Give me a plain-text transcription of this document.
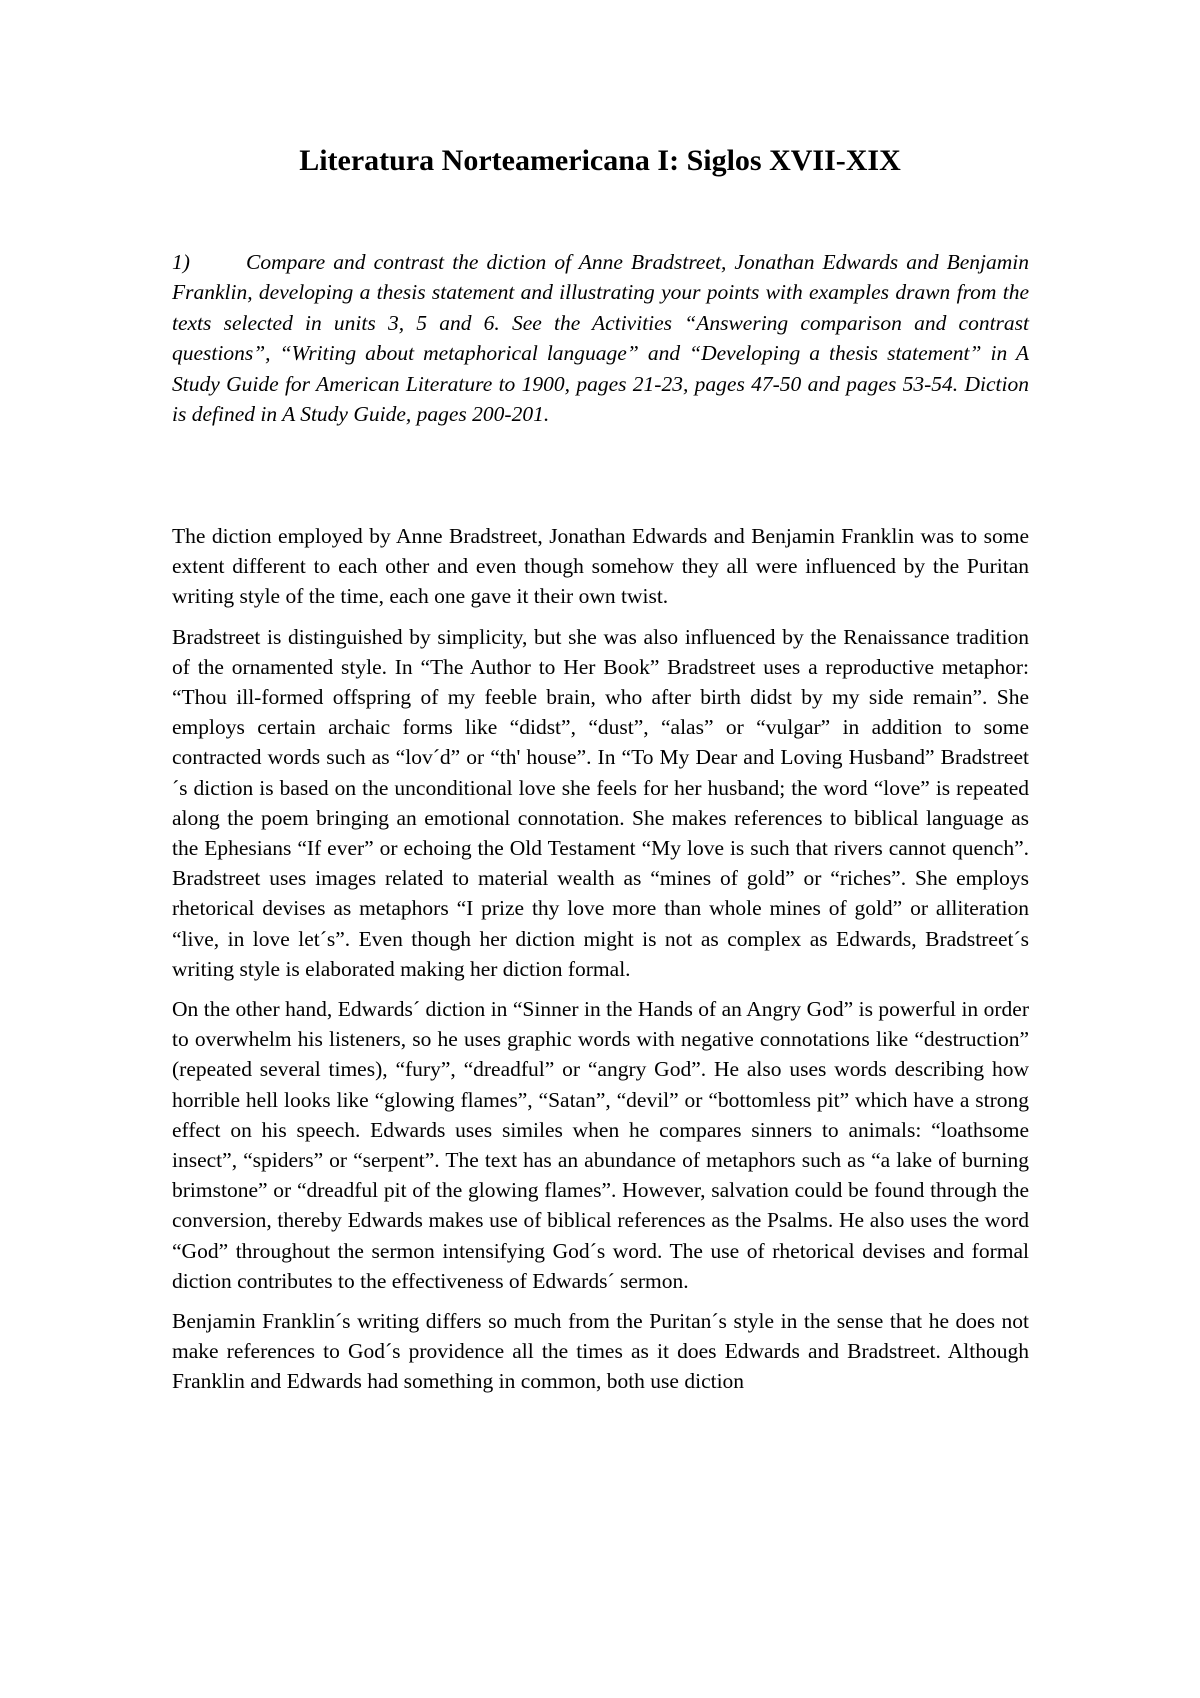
Literatura Norteamericana I: Siglos XVII-XIX

1)	Compare and contrast the diction of Anne Bradstreet, Jonathan Edwards and Benjamin Franklin, developing a thesis statement and illustrating your points with examples drawn from the texts selected in units 3, 5 and 6. See the Activities “Answering comparison and contrast questions”, “Writing about metaphorical language” and “Developing a thesis statement” in A Study Guide for American Literature to 1900, pages 21-23, pages 47-50 and pages 53-54. Diction is defined in A Study Guide, pages 200-201.

The diction employed by Anne Bradstreet, Jonathan Edwards and Benjamin Franklin was to some extent different to each other and even though somehow they all were influenced by the Puritan writing style of the time, each one gave it their own twist.

Bradstreet is distinguished by simplicity, but she was also influenced by the Renaissance tradition of the ornamented style. In “The Author to Her Book” Bradstreet uses a reproductive metaphor: “Thou ill-formed offspring of my feeble brain, who after birth didst by my side remain”. She employs certain archaic forms like “didst”, “dust”, “alas” or “vulgar” in addition to some contracted words such as “lov´d” or “th' house”. In “To My Dear and Loving Husband” Bradstreet´s diction is based on the unconditional love she feels for her husband; the word “love” is repeated along the poem bringing an emotional connotation. She makes references to biblical language as the Ephesians “If ever” or echoing the Old Testament “My love is such that rivers cannot quench”. Bradstreet uses images related to material wealth as “mines of gold” or “riches”. She employs rhetorical devises as metaphors “I prize thy love more than whole mines of gold” or alliteration “live, in love let´s”. Even though her diction might is not as complex as Edwards, Bradstreet´s writing style is elaborated making her diction formal.

On the other hand, Edwards´ diction in “Sinner in the Hands of an Angry God” is powerful in order to overwhelm his listeners, so he uses graphic words with negative connotations like “destruction” (repeated several times), “fury”, “dreadful” or “angry God”. He also uses words describing how horrible hell looks like “glowing flames”, “Satan”, “devil” or “bottomless pit” which have a strong effect on his speech. Edwards uses similes when he compares sinners to animals: “loathsome insect”, “spiders” or “serpent”. The text has an abundance of metaphors such as “a lake of burning brimstone” or “dreadful pit of the glowing flames”. However, salvation could be found through the conversion, thereby Edwards makes use of biblical references as the Psalms. He also uses the word “God” throughout the sermon intensifying God´s word. The use of rhetorical devises and formal diction contributes to the effectiveness of Edwards´ sermon.

Benjamin Franklin´s writing differs so much from the Puritan´s style in the sense that he does not make references to God´s providence all the times as it does Edwards and Bradstreet. Although Franklin and Edwards had something in common, both use diction
